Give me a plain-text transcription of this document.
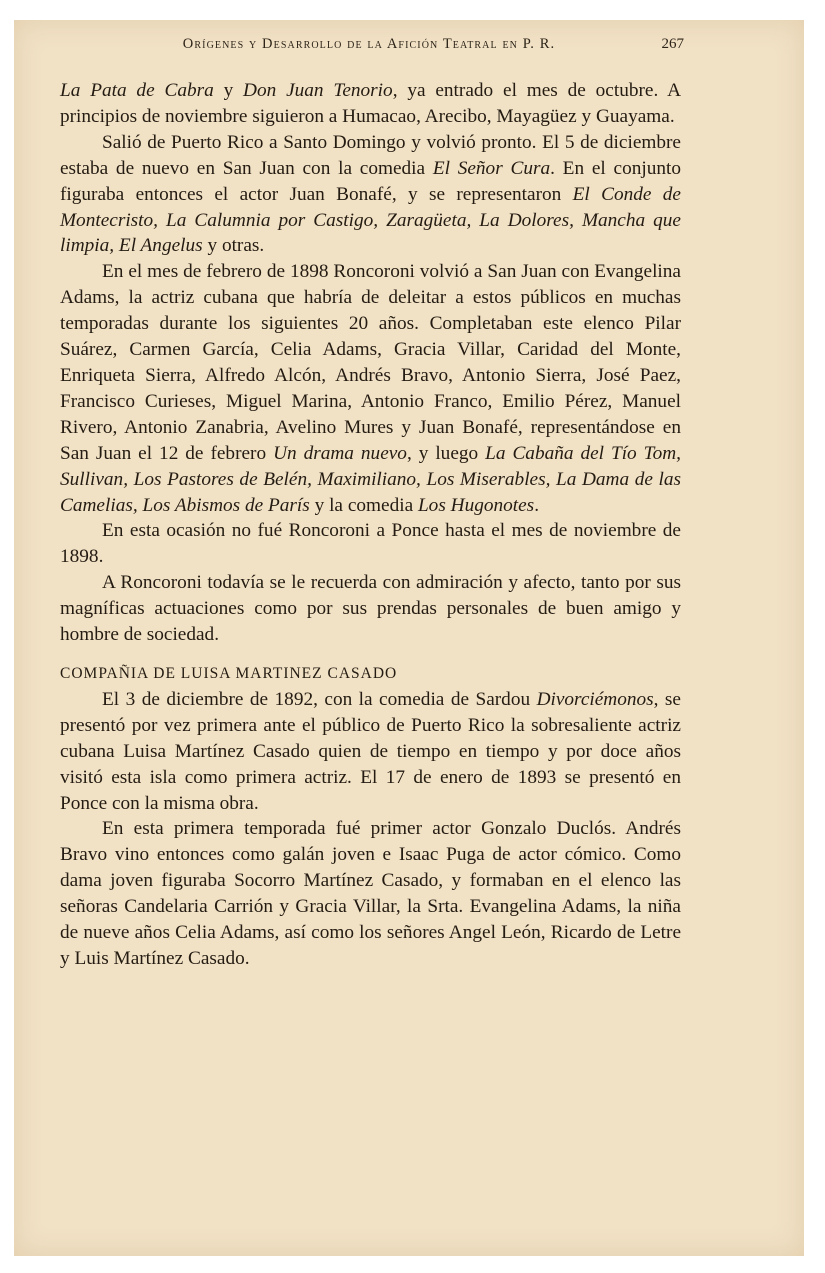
Orígenes y Desarrollo de la Afición Teatral en P. R.	267

La Pata de Cabra y Don Juan Tenorio, ya entrado el mes de octubre. A principios de noviembre siguieron a Humacao, Arecibo, Mayagüez y Guayama.

Salió de Puerto Rico a Santo Domingo y volvió pronto. El 5 de diciembre estaba de nuevo en San Juan con la comedia El Señor Cura. En el conjunto figuraba entonces el actor Juan Bonafé, y se representaron El Conde de Montecristo, La Calumnia por Castigo, Zaragüeta, La Dolores, Mancha que limpia, El Angelus y otras.

En el mes de febrero de 1898 Roncoroni volvió a San Juan con Evangelina Adams, la actriz cubana que habría de deleitar a estos públicos en muchas temporadas durante los siguientes 20 años. Completaban este elenco Pilar Suárez, Carmen García, Celia Adams, Gracia Villar, Caridad del Monte, Enriqueta Sierra, Alfredo Alcón, Andrés Bravo, Antonio Sierra, José Paez, Francisco Curieses, Miguel Marina, Antonio Franco, Emilio Pérez, Manuel Rivero, Antonio Zanabria, Avelino Mures y Juan Bonafé, representándose en San Juan el 12 de febrero Un drama nuevo, y luego La Cabaña del Tío Tom, Sullivan, Los Pastores de Belén, Maximiliano, Los Miserables, La Dama de las Camelias, Los Abismos de París y la comedia Los Hugonotes.

En esta ocasión no fué Roncoroni a Ponce hasta el mes de noviembre de 1898.

A Roncoroni todavía se le recuerda con admiración y afecto, tanto por sus magníficas actuaciones como por sus prendas personales de buen amigo y hombre de sociedad.

COMPAÑIA DE LUISA MARTINEZ CASADO

El 3 de diciembre de 1892, con la comedia de Sardou Divorciémonos, se presentó por vez primera ante el público de Puerto Rico la sobresaliente actriz cubana Luisa Martínez Casado quien de tiempo en tiempo y por doce años visitó esta isla como primera actriz. El 17 de enero de 1893 se presentó en Ponce con la misma obra.

En esta primera temporada fué primer actor Gonzalo Duclós. Andrés Bravo vino entonces como galán joven e Isaac Puga de actor cómico. Como dama joven figuraba Socorro Martínez Casado, y formaban en el elenco las señoras Candelaria Carrión y Gracia Villar, la Srta. Evangelina Adams, la niña de nueve años Celia Adams, así como los señores Angel León, Ricardo de Letre y Luis Martínez Casado.
